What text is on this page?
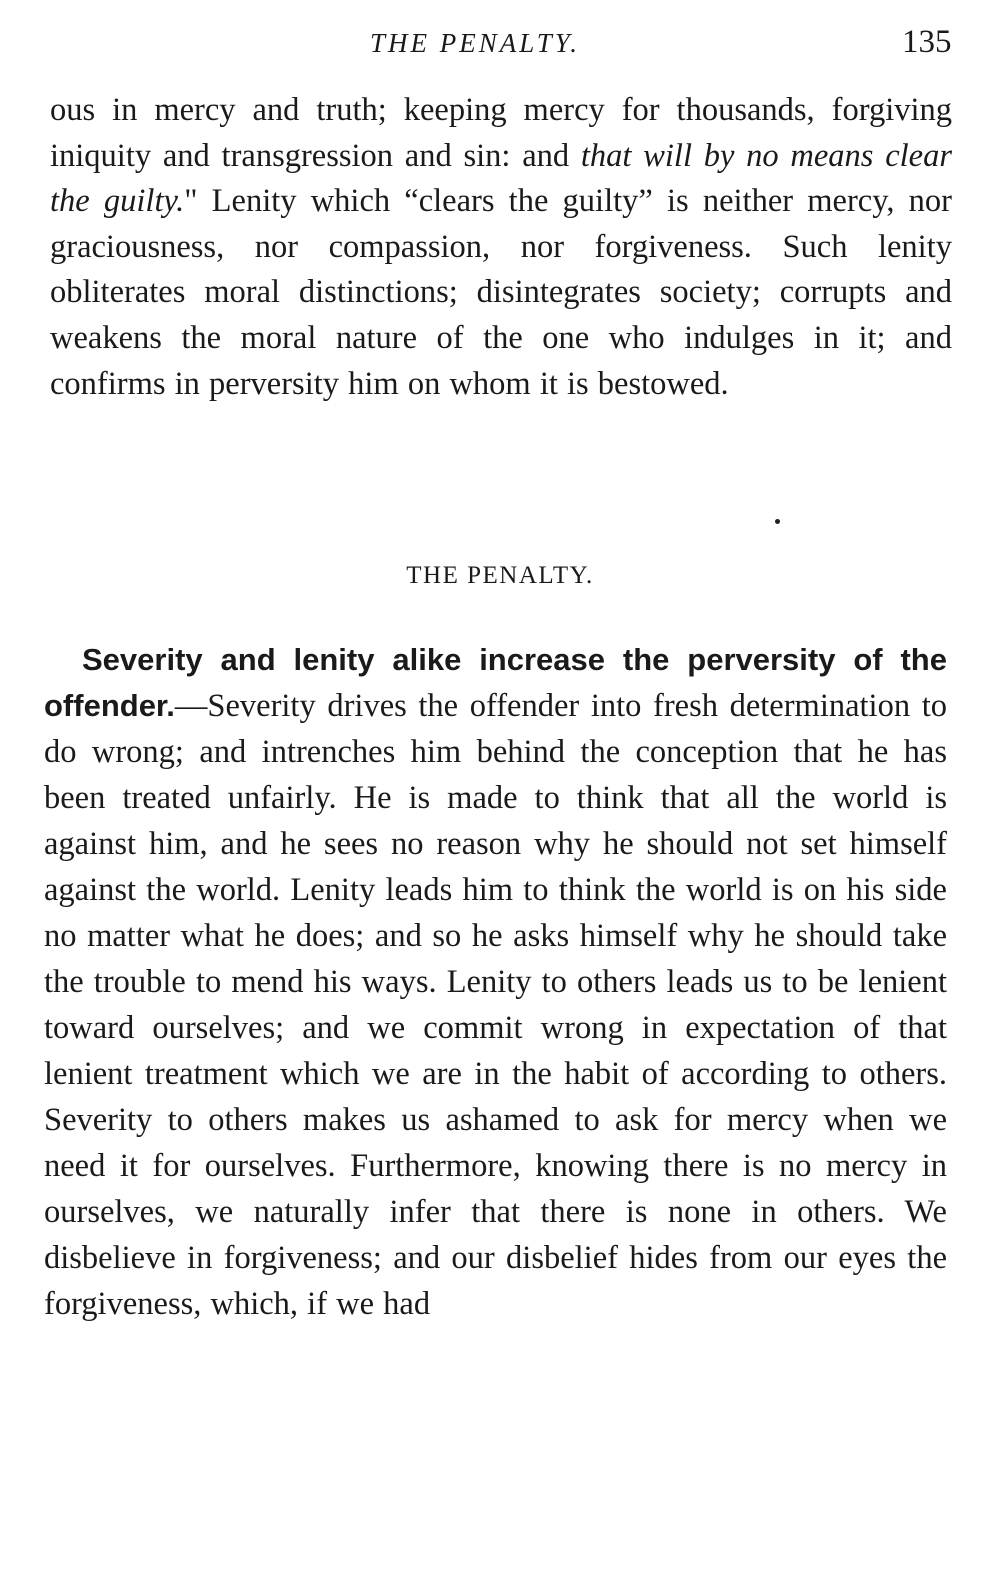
THE PENALTY.	135

ous in mercy and truth; keeping mercy for thousands, forgiving iniquity and transgression and sin: and that will by no means clear the guilty." Lenity which “clears the guilty” is neither mercy, nor graciousness, nor compassion, nor forgiveness. Such lenity obliterates moral distinctions; disintegrates society; corrupts and weakens the moral nature of the one who indulges in it; and confirms in perversity him on whom it is bestowed.

THE PENALTY.

Severity and lenity alike increase the perversity of the offender.—Severity drives the offender into fresh determination to do wrong; and intrenches him behind the conception that he has been treated unfairly. He is made to think that all the world is against him, and he sees no reason why he should not set himself against the world. Lenity leads him to think the world is on his side no matter what he does; and so he asks himself why he should take the trouble to mend his ways. Lenity to others leads us to be lenient toward ourselves; and we commit wrong in expectation of that lenient treatment which we are in the habit of according to others. Severity to others makes us ashamed to ask for mercy when we need it for ourselves. Furthermore, knowing there is no mercy in ourselves, we naturally infer that there is none in others. We disbelieve in forgiveness; and our disbelief hides from our eyes the forgiveness, which, if we had
